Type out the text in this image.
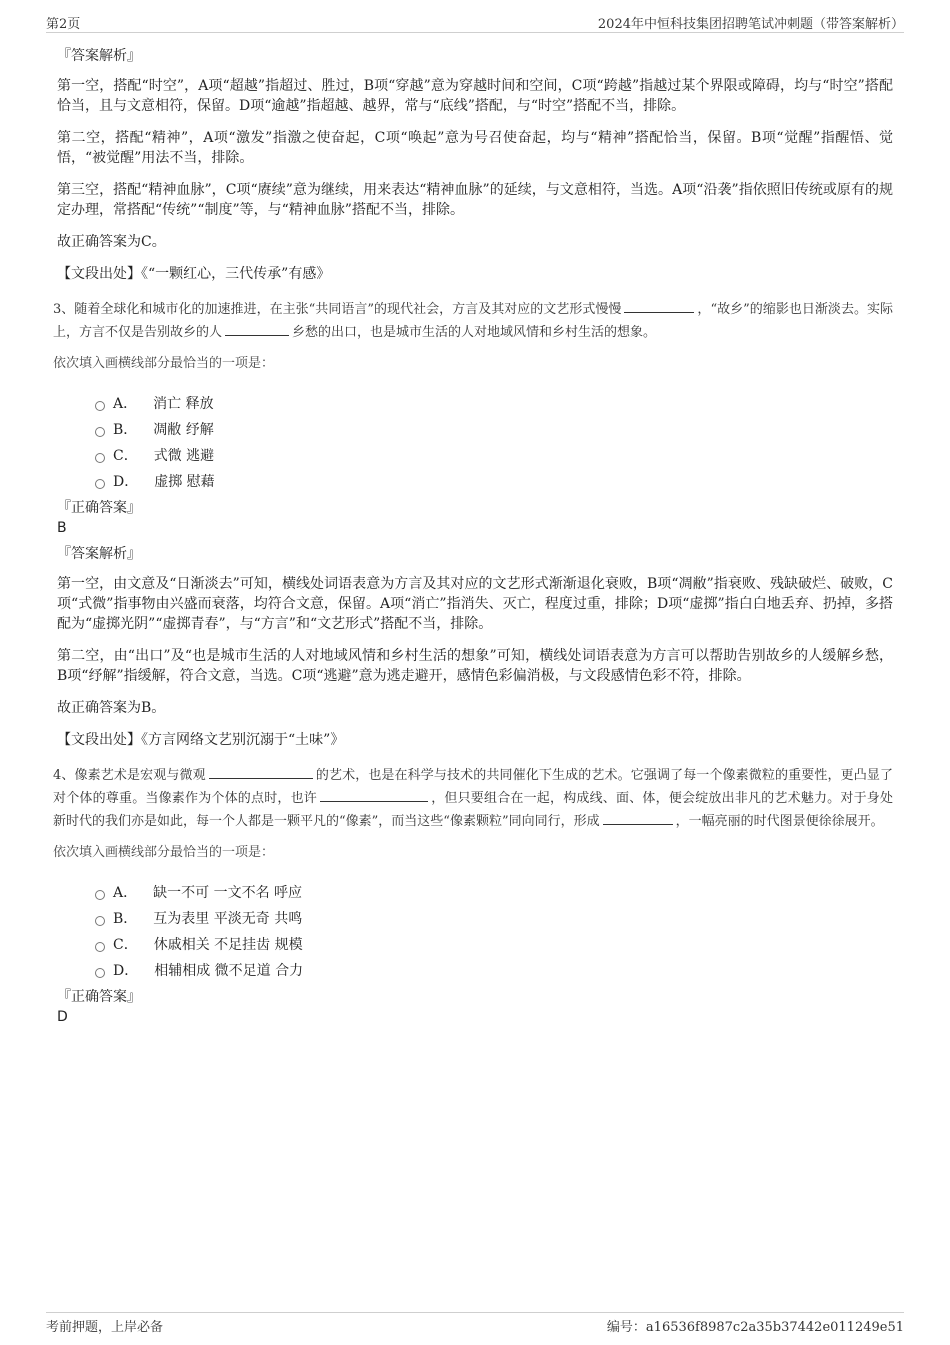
第2页	2024年中恒科技集团招聘笔试冲刺题（带答案解析）
『答案解析』

第一空，搭配“时空”，A项“超越”指超过、胜过，B项“穿越”意为穿越时间和空间，C项“跨越”指越过某个界限或障碍，均与“时空”搭配恰当，且与文意相符，保留。D项“逾越”指超越、越界，常与“底线”搭配，与“时空”搭配不当，排除。

第二空，搭配“精神”，A项“激发”指激之使奋起，C项“唤起”意为号召使奋起，均与“精神”搭配恰当，保留。B项“觉醒”指醒悟、觉悟，“被觉醒”用法不当，排除。

第三空，搭配“精神血脉”，C项“赓续”意为继续，用来表达“精神血脉”的延续，与文意相符，当选。A项“沿袭”指依照旧传统或原有的规定办理，常搭配“传统”“制度”等，与“精神血脉”搭配不当，排除。

故正确答案为C。

【文段出处】《“一颗红心，三代传承”有感》

3、随着全球化和城市化的加速推进，在主张“共同语言”的现代社会，方言及其对应的文艺形式慢慢	，“故乡”的缩影也日渐淡去。实际上，方言不仅是告别故乡的人	乡愁的出口，也是城市生活的人对地域风情和乡村生活的想象。
依次填入画横线部分最恰当的一项是：
A． 消亡 释放
B． 凋敝 纾解
C． 式微 逃避
D． 虚掷 慰藉
『正确答案』
B
『答案解析』

第一空，由文意及“日渐淡去”可知，横线处词语表意为方言及其对应的文艺形式渐渐退化衰败，B项“凋敝”指衰败、残缺破烂、破败，C项“式微”指事物由兴盛而衰落，均符合文意，保留。A项“消亡”指消失、灭亡，程度过重，排除；D项“虚掷”指白白地丢弃、扔掉，多搭配为“虚掷光阴”“虚掷青春”，与“方言”和“文艺形式”搭配不当，排除。

第二空，由“出口”及“也是城市生活的人对地域风情和乡村生活的想象”可知，横线处词语表意为方言可以帮助告别故乡的人缓解乡愁，B项“纾解”指缓解，符合文意，当选。C项“逃避”意为逃走避开，感情色彩偏消极，与文段感情色彩不符，排除。

故正确答案为B。

【文段出处】《方言网络文艺别沉溺于“土味”》

4、像素艺术是宏观与微观	的艺术，也是在科学与技术的共同催化下生成的艺术。它强调了每一个像素微粒的重要性，更凸显了对个体的尊重。当像素作为个体的点时，也许	，但只要组合在一起，构成线、面、体，便会绽放出非凡的艺术魅力。对于身处新时代的我们亦是如此，每一个人都是一颗平凡的“像素”，而当这些“像素颗粒”同向同行，形成	，一幅亮丽的时代图景便徐徐展开。
依次填入画横线部分最恰当的一项是：
A． 缺一不可 一文不名 呼应
B． 互为表里 平淡无奇 共鸣
C． 休戚相关 不足挂齿 规模
D． 相辅相成 微不足道 合力
『正确答案』
D
考前押题，上岸必备	编号：a16536f8987c2a35b37442e011249e51
